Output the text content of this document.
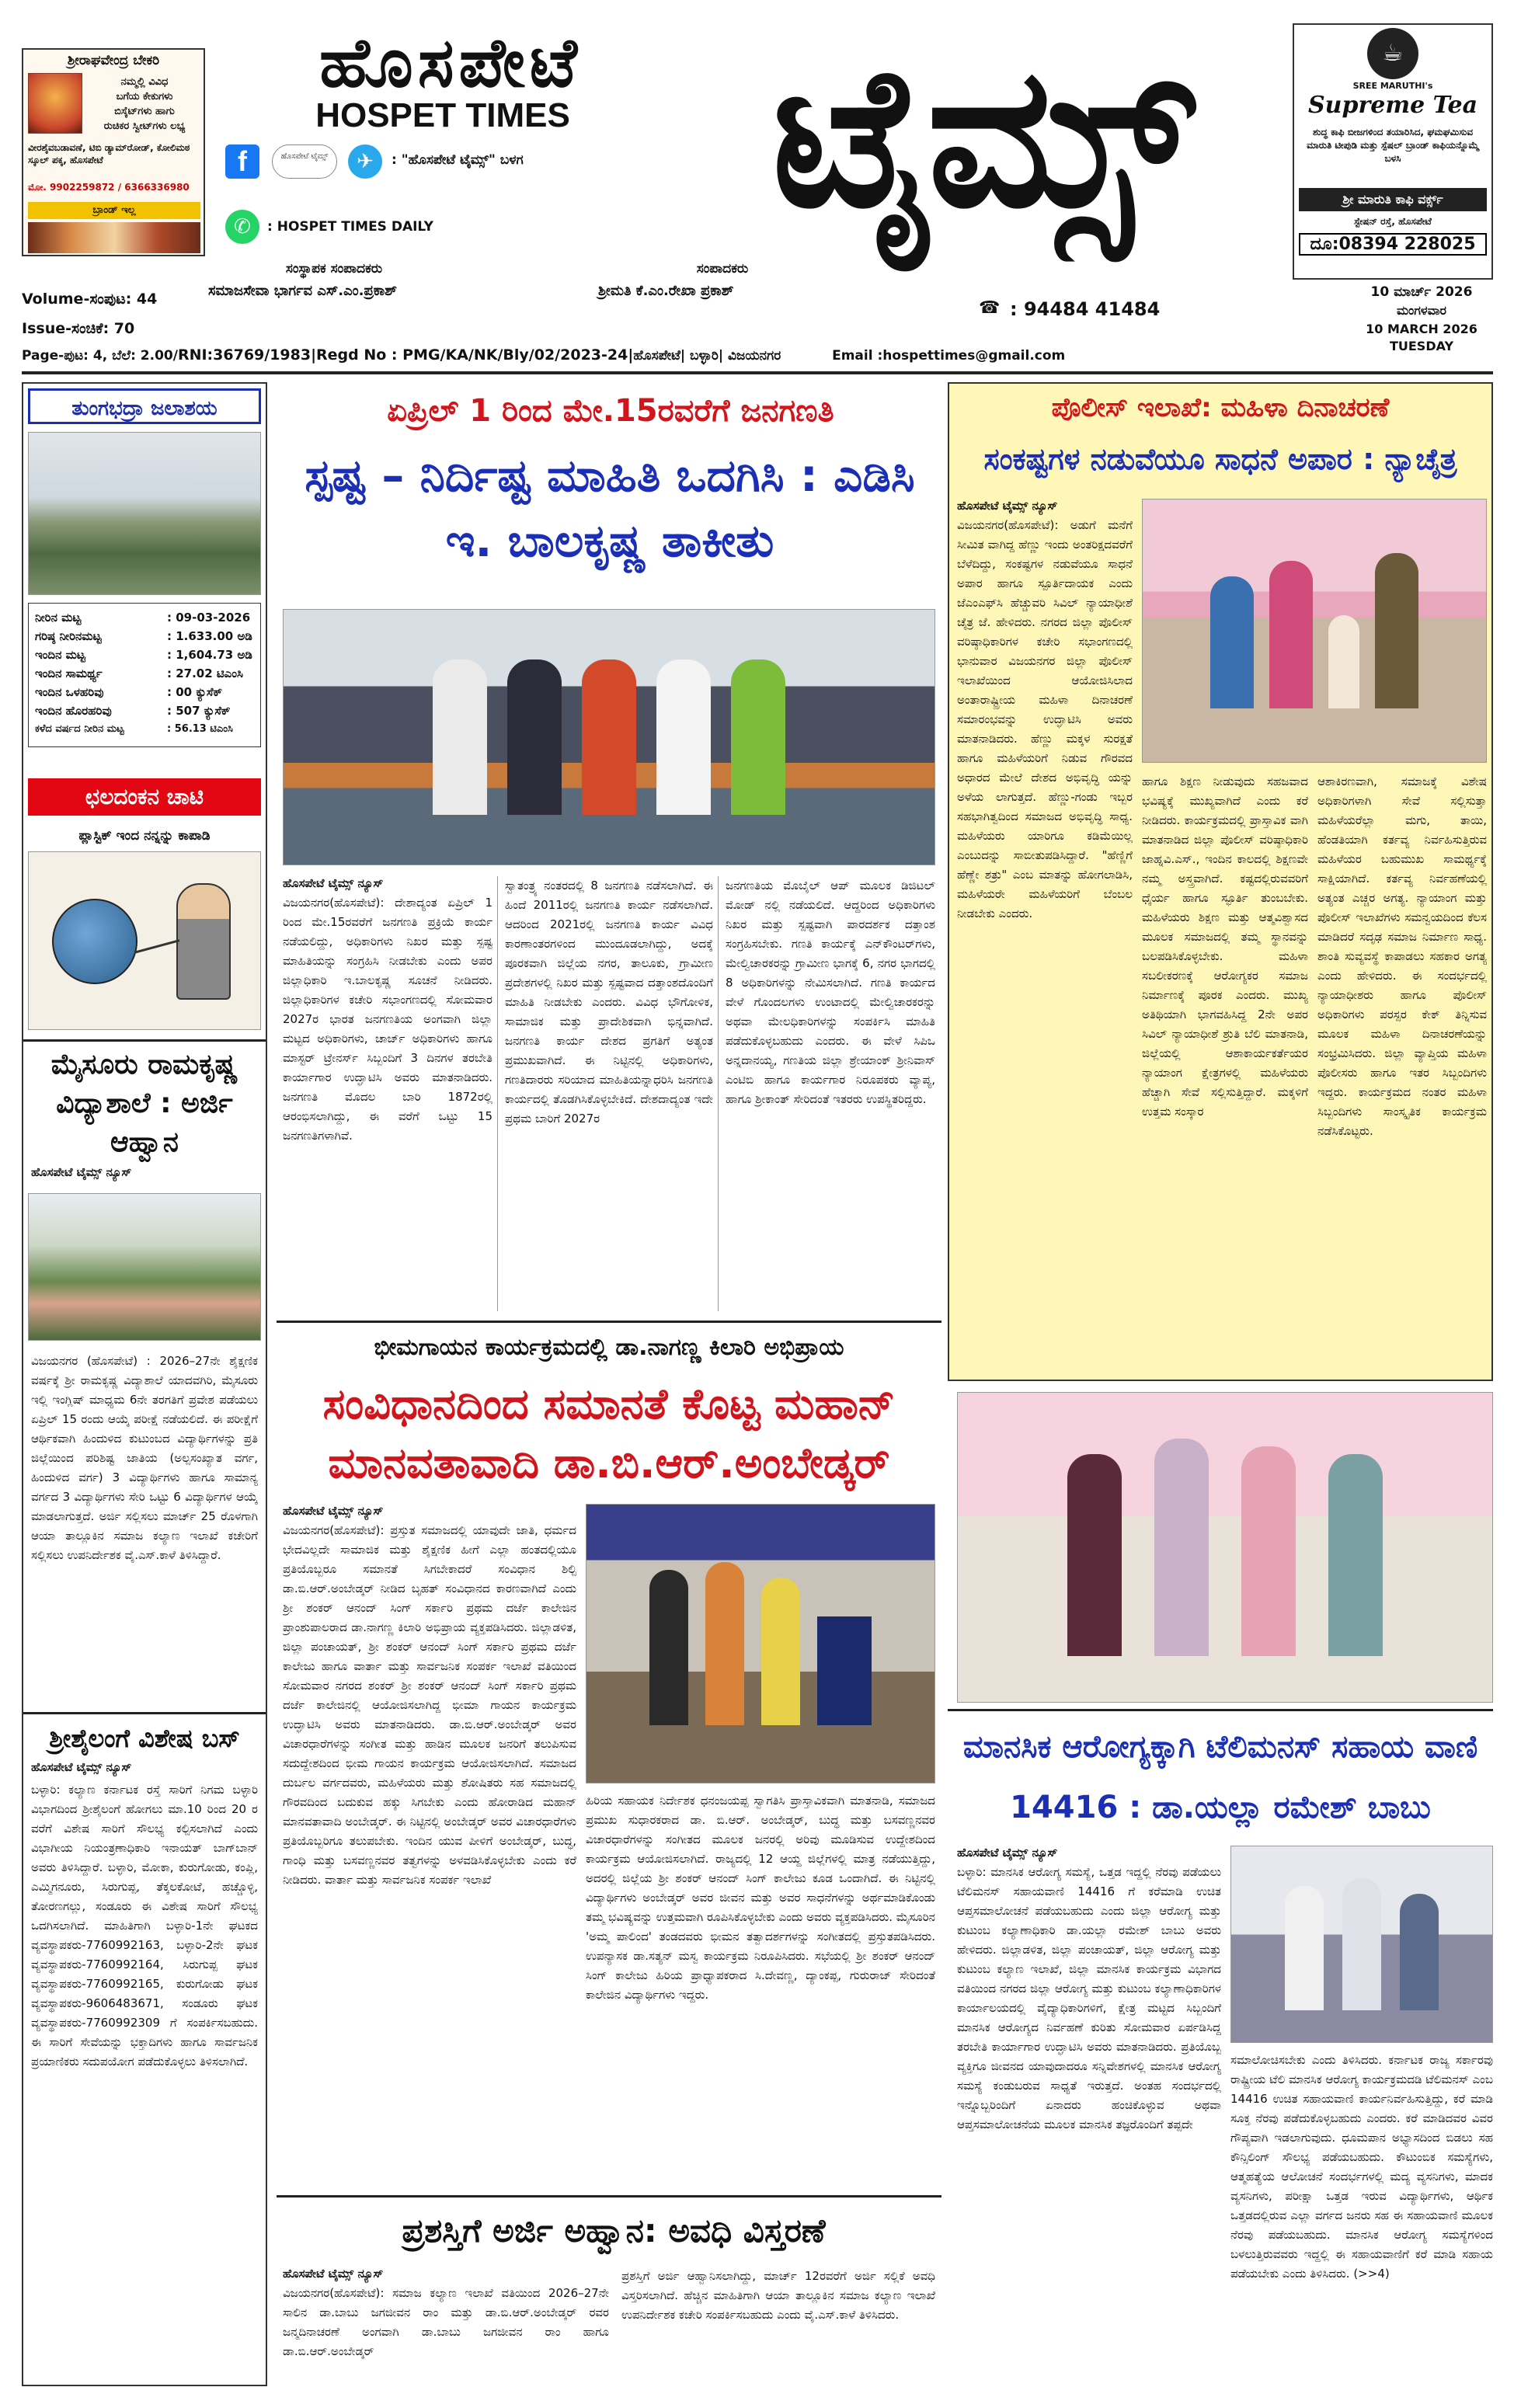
ಶ್ರೀರಾಘವೇಂದ್ರ ಬೇಕರಿ
ನಮ್ಮಲ್ಲಿ ವಿವಿಧ
ಬಗೆಯ ಕೇಕುಗಳು
ಬಿಸ್ಕೆಟ್‌ಗಳು ಹಾಗು
ರುಚಿಕರ ಸ್ವೀಟ್‌ಗಳು ಲಭ್ಯ
ವೀರಶೈವಬಡಾವಣೆ, ಟಿಬಿ ಡ್ಯಾಮ್‌ರೋಡ್, ಕೋಲಿಮಠ ಸ್ಕೂಲ್ ಪಕ್ಕ, ಹೊಸಪೇಟೆ
ಮೋ. 9902259872 / 6366336980
ಬ್ರಾಂಡ್ ಇಲ್ಲ
ಹೊಸಪೇಟೆ
HOSPET TIMES	ಟೈಮ್ಸ್
f	ಹೊಸಪೇಟೆ ಟೈಮ್ಸ್	✈	: "ಹೊಸಪೇಟೆ ಟೈಮ್ಸ್" ಬಳಗ
✆	: HOSPET TIMES DAILY
☕
SREE MARUTHI's
Supreme Tea
ಶುದ್ಧ ಕಾಫಿ ಬೀಜಗಳಿಂದ ತಯಾರಿಸಿದ, ಘಮಘಮಿಸುವ ಮಾರುತಿ ಟೀಪುಡಿ ಮತ್ತು ಸ್ಪೆಷಲ್ ಬ್ರಾಂಡ್ ಕಾಫಿಯನ್ನೊಮ್ಮೆ ಬಳಸಿ
ಶ್ರೀ ಮಾರುತಿ ಕಾಫಿ ವರ್ಕ್ಸ್
ಸ್ಟೇಷನ್ ರಸ್ತೆ, ಹೊಸಪೇಟೆ
ದೂ:08394 228025
ಸಂಸ್ಥಾಪಕ ಸಂಪಾದಕರು
ಸಮಾಜಸೇವಾ ಭಾರ್ಗವ ಎಸ್.ಎಂ.ಪ್ರಕಾಶ್
ಸಂಪಾದಕರು
ಶ್ರೀಮತಿ ಕೆ.ಎಂ.ರೇಖಾ ಪ್ರಕಾಶ್
☎ : 94484 41484
Volume-ಸಂಪುಟ: 44
Issue-ಸಂಚಿಕೆ: 70
10 ಮಾರ್ಚ್ 2026
ಮಂಗಳವಾರ
10 MARCH 2026
TUESDAY
Page-ಪುಟ: 4, ಬೆಲೆ: 2.00/RNI:36769/1983|Regd No : PMG/KA/NK/Bly/02/2023-24|ಹೊಸಪೇಟೆ| ಬಳ್ಳಾರಿ| ವಿಜಯನಗರ	Email :hospettimes@gmail.com
ತುಂಗಭದ್ರಾ ಜಲಾಶಯ
ನೀರಿನ ಮಟ್ಟ	: 09-03-2026
ಗರಿಷ್ಠ ನೀರಿನಮಟ್ಟ	: 1.633.00 ಅಡಿ
ಇಂದಿನ ಮಟ್ಟ	: 1,604.73 ಅಡಿ
ಇಂದಿನ ಸಾಮರ್ಥ್ಯ	: 27.02 ಟಿಎಂಸಿ
ಇಂದಿನ ಒಳಹರಿವು	: 00 ಕ್ಯುಸೆಕ್
ಇಂದಿನ ಹೊರಹರಿವು	: 507 ಕ್ಯುಸೆಕ್
ಕಳೆದ ವರ್ಷದ ನೀರಿನ ಮಟ್ಟ	: 56.13 ಟಿಎಂಸಿ
ಛಲದಂಕನ ಚಾಟಿ
ಪ್ಲಾಸ್ಟಿಕ್ ಇಂದ ನನ್ನನ್ನು ಕಾಪಾಡಿ
ಮೈಸೂರು ರಾಮಕೃಷ್ಣ ವಿದ್ಯಾಶಾಲೆ : ಅರ್ಜಿ ಆಹ್ವಾನ
ಹೊಸಪೇಟೆ ಟೈಮ್ಸ್ ನ್ಯೂಸ್
ವಿಜಯನಗರ (ಹೊಸಪೇಟೆ) : 2026–27ನೇ ಶೈಕ್ಷಣಿಕ ವರ್ಷಕ್ಕೆ ಶ್ರೀ ರಾಮಕೃಷ್ಣ ವಿದ್ಯಾಶಾಲೆ ಯಾದವಗಿರಿ, ಮೈಸೂರು ಇಲ್ಲಿ ಇಂಗ್ಲಿಷ್ ಮಾಧ್ಯಮ 6ನೇ ತರಗತಿಗೆ ಪ್ರವೇಶ ಪಡೆಯಲು ಏಪ್ರಿಲ್ 15 ರಂದು ಆಯ್ಕೆ ಪರೀಕ್ಷೆ ನಡೆಯಲಿದೆ. ಈ ಪರೀಕ್ಷೆಗೆ ಆರ್ಥಿಕವಾಗಿ ಹಿಂದುಳಿದ ಕುಟುಂಬದ ವಿದ್ಯಾರ್ಥಿಗಳನ್ನು ಪ್ರತಿ ಜಿಲ್ಲೆಯಿಂದ ಪರಿಶಿಷ್ಟ ಜಾತಿಯ (ಅಲ್ಪಸಂಖ್ಯಾತ ವರ್ಗ, ಹಿಂದುಳಿದ ವರ್ಗ) 3 ವಿದ್ಯಾರ್ಥಿಗಳು ಹಾಗೂ ಸಾಮಾನ್ಯ ವರ್ಗದ 3 ವಿದ್ಯಾರ್ಥಿಗಳು ಸೇರಿ ಒಟ್ಟು 6 ವಿದ್ಯಾರ್ಥಿಗಳ ಆಯ್ಕೆ ಮಾಡಲಾಗುತ್ತದೆ. ಅರ್ಜಿ ಸಲ್ಲಿಸಲು ಮಾರ್ಚ್ 25 ರೊಳಗಾಗಿ ಆಯಾ ತಾಲ್ಲೂಕಿನ ಸಮಾಜ ಕಲ್ಯಾಣ ಇಲಾಖೆ ಕಚೇರಿಗೆ ಸಲ್ಲಿಸಲು ಉಪನಿರ್ದೇಶಕ ವೈ.ಎಸ್.ಕಾಳೆ ತಿಳಿಸಿದ್ದಾರೆ.
ಶ್ರೀಶೈಲಂಗೆ ವಿಶೇಷ ಬಸ್
ಹೊಸಪೇಟೆ ಟೈಮ್ಸ್ ನ್ಯೂಸ್
ಬಳ್ಳಾರಿ: ಕಲ್ಯಾಣ ಕರ್ನಾಟಕ ರಸ್ತೆ ಸಾರಿಗೆ ನಿಗಮ ಬಳ್ಳಾರಿ ವಿಭಾಗದಿಂದ ಶ್ರೀಶೈಲಂಗೆ ಹೋಗಲು ಮಾ.10 ರಿಂದ 20 ರ ವರೆಗೆ ವಿಶೇಷ ಸಾರಿಗೆ ಸೌಲಭ್ಯ ಕಲ್ಪಿಸಲಾಗಿದೆ ಎಂದು ವಿಭಾಗೀಯ ನಿಯಂತ್ರಣಾಧಿಕಾರಿ ಇನಾಯತ್ ಬಾಗ್‌ಬಾನ್ ಅವರು ತಿಳಿಸಿದ್ದಾರೆ. ಬಳ್ಳಾರಿ, ಮೋಕಾ, ಕುರುಗೋಡು, ಕಂಪ್ಲಿ, ಎಮ್ಮಿಗನೂರು, ಸಿರುಗುಪ್ಪ, ತೆಕ್ಕಲಕೋಟೆ, ಹಚ್ಚೊಳ್ಳಿ, ತೋರಣಗಲ್ಲು, ಸಂಡೂರು ಈ ವಿಶೇಷ ಸಾರಿಗೆ ಸೌಲಭ್ಯ ಒದಗಿಸಲಾಗಿದೆ. ಮಾಹಿತಿಗಾಗಿ ಬಳ್ಳಾರಿ-1ನೇ ಘಟಕದ ವ್ಯವಸ್ಥಾಪಕರು-7760992163, ಬಳ್ಳಾರಿ-2ನೇ ಘಟಕ ವ್ಯವಸ್ಥಾಪಕರು-7760992164, ಸಿರುಗುಪ್ಪ ಘಟಕ ವ್ಯವಸ್ಥಾಪಕರು-7760992165, ಕುರುಗೋಡು ಘಟಕ ವ್ಯವಸ್ಥಾಪಕರು-9606483671, ಸಂಡೂರು ಘಟಕ ವ್ಯವಸ್ಥಾಪಕರು-7760992309 ಗೆ ಸಂಪರ್ಕಿಸಬಹುದು. ಈ ಸಾರಿಗೆ ಸೇವೆಯನ್ನು ಭಕ್ತಾದಿಗಳು ಹಾಗೂ ಸಾರ್ವಜನಿಕ ಪ್ರಯಾಣಿಕರು ಸದುಪಯೋಗ ಪಡೆದುಕೊಳ್ಳಲು ತಿಳಿಸಲಾಗಿದೆ.
ಏಪ್ರಿಲ್ 1 ರಿಂದ ಮೇ.15ರವರೆಗೆ ಜನಗಣತಿ
ಸ್ಪಷ್ಟ – ನಿರ್ದಿಷ್ಟ ಮಾಹಿತಿ ಒದಗಿಸಿ : ಎಡಿಸಿ ಇ. ಬಾಲಕೃಷ್ಣ ತಾಕೀತು
ಹೊಸಪೇಟೆ ಟೈಮ್ಸ್ ನ್ಯೂಸ್
ವಿಜಯನಗರ(ಹೊಸಪೇಟೆ): ದೇಶಾದ್ಯಂತ ಏಪ್ರಿಲ್ 1 ರಿಂದ ಮೇ.15ರವರೆಗೆ ಜನಗಣತಿ ಪ್ರಕ್ರಿಯೆ ಕಾರ್ಯ ನಡೆಯಲಿದ್ದು, ಅಧಿಕಾರಿಗಳು ನಿಖರ ಮತ್ತು ಸ್ಪಷ್ಟ ಮಾಹಿತಿಯನ್ನು ಸಂಗ್ರಹಿಸಿ ನೀಡಬೇಕು ಎಂದು ಅಪರ ಜಿಲ್ಲಾಧಿಕಾರಿ ಇ.ಬಾಲಕೃಷ್ಣ ಸೂಚನೆ ನೀಡಿದರು. ಜಿಲ್ಲಾಧಿಕಾರಿಗಳ ಕಚೇರಿ ಸಭಾಂಗಣದಲ್ಲಿ ಸೋಮವಾರ 2027ರ ಭಾರತ ಜನಗಣತಿಯ ಅಂಗವಾಗಿ ಜಿಲ್ಲಾ ಮಟ್ಟದ ಅಧಿಕಾರಿಗಳು, ಚಾರ್ಜ್ ಅಧಿಕಾರಿಗಳು ಹಾಗೂ ಮಾಸ್ಟರ್ ಟ್ರೇನರ್ಸ್ ಸಿಬ್ಬಂದಿಗೆ 3 ದಿನಗಳ ತರಬೇತಿ ಕಾರ್ಯಾಗಾರ ಉದ್ಘಾಟಿಸಿ ಅವರು ಮಾತನಾಡಿದರು. ಜನಗಣತಿ ಮೊದಲ ಬಾರಿ 1872ರಲ್ಲಿ ಆರಂಭಿಸಲಾಗಿದ್ದು, ಈ ವರೆಗೆ ಒಟ್ಟು 15 ಜನಗಣತಿಗಳಾಗಿವೆ.
ಸ್ವಾತಂತ್ರ್ಯ ನಂತರದಲ್ಲಿ 8 ಜನಗಣತಿ ನಡೆಸಲಾಗಿದೆ. ಈ ಹಿಂದೆ 2011ರಲ್ಲಿ ಜನಗಣತಿ ಕಾರ್ಯ ನಡೆಸಲಾಗಿದೆ. ಆದರಿಂದ 2021ರಲ್ಲಿ ಜನಗಣತಿ ಕಾರ್ಯ ವಿವಿಧ ಕಾರಣಾಂತರಗಳಿಂದ ಮುಂದೂಡಲಾಗಿದ್ದು, ಅದಕ್ಕೆ ಪೂರಕವಾಗಿ ಜಿಲ್ಲೆಯ ನಗರ, ತಾಲೂಕು, ಗ್ರಾಮೀಣ ಪ್ರದೇಶಗಳಲ್ಲಿ ನಿಖರ ಮತ್ತು ಸ್ಪಷ್ಟವಾದ ದತ್ತಾಂಶದೊಂದಿಗೆ ಮಾಹಿತಿ ನೀಡಬೇಕು ಎಂದರು. ವಿವಿಧ ಭೌಗೋಳಿಕ, ಸಾಮಾಜಿಕ ಮತ್ತು ಪ್ರಾದೇಶಿಕವಾಗಿ ಭಿನ್ನವಾಗಿದೆ. ಜನಗಣತಿ ಕಾರ್ಯ ದೇಶದ ಪ್ರಗತಿಗೆ ಅತ್ಯಂತ ಪ್ರಮುಖವಾಗಿದೆ. ಈ ನಿಟ್ಟಿನಲ್ಲಿ ಅಧಿಕಾರಿಗಳು, ಗಣತಿದಾರರು ಸರಿಯಾದ ಮಾಹಿತಿಯನ್ನಾಧರಿಸಿ ಜನಗಣತಿ ಕಾರ್ಯದಲ್ಲಿ ತೊಡಗಿಸಿಕೊಳ್ಳಬೇಕಿದೆ. ದೇಶದಾದ್ಯಂತ ಇದೇ ಪ್ರಥಮ ಬಾರಿಗೆ 2027ರ
ಜನಗಣತಿಯ ಮೊಬೈಲ್ ಆಪ್ ಮೂಲಕ ಡಿಜಿಟಲ್ ಮೋಡ್ ನಲ್ಲಿ ನಡೆಯಲಿದೆ. ಆದ್ದರಿಂದ ಅಧಿಕಾರಿಗಳು ನಿಖರ ಮತ್ತು ಸ್ಪಷ್ಟವಾಗಿ ಪಾರದರ್ಶಕ ದತ್ತಾಂಶ ಸಂಗ್ರಹಿಸಬೇಕು. ಗಣತಿ ಕಾರ್ಯಕ್ಕೆ ಎನ್‌ಕೌಂಟರ್‌ಗಳು, ಮೇಲ್ವಿಚಾರಕರನ್ನು ಗ್ರಾಮೀಣ ಭಾಗಕ್ಕೆ 6, ನಗರ ಭಾಗದಲ್ಲಿ 8 ಅಧಿಕಾರಿಗಳನ್ನು ನೇಮಿಸಲಾಗಿದೆ. ಗಣತಿ ಕಾರ್ಯದ ವೇಳೆ ಗೊಂದಲಗಳು ಉಂಟಾದಲ್ಲಿ ಮೇಲ್ವಿಚಾರಕರನ್ನು ಅಥವಾ ಮೇಲಧಿಕಾರಿಗಳನ್ನು ಸಂಪರ್ಕಿಸಿ ಮಾಹಿತಿ ಪಡೆದುಕೊಳ್ಳಬಹುದು ಎಂದರು. ಈ ವೇಳೆ ಸಿಪಿಒ ಅನ್ನದಾನಯ್ಯ, ಗಣತಿಯ ಜಿಲ್ಲಾ ಶ್ರೇಯಾಂಕ್ ಶ್ರೀನಿವಾಸ್ ಎಂಟಿಬಿ ಹಾಗೂ ಕಾರ್ಯಗಾರ ನಿರೂಪಕರು ವ್ಯಾಪ್ಯ, ಹಾಗೂ ಶ್ರೀಕಾಂತ್ ಸೇರಿದಂತೆ ಇತರರು ಉಪಸ್ಥಿತರಿದ್ದರು.
ಪೊಲೀಸ್ ಇಲಾಖೆ: ಮಹಿಳಾ ದಿನಾಚರಣೆ
ಸಂಕಷ್ಟಗಳ ನಡುವೆಯೂ ಸಾಧನೆ ಅಪಾರ : ನ್ಯಾಚೈತ್ರ
ಹೊಸಪೇಟೆ ಟೈಮ್ಸ್ ನ್ಯೂಸ್
ವಿಜಯನಗರ(ಹೊಸಪೇಟೆ): ಅಡುಗೆ ಮನೆಗೆ ಸೀಮಿತ ವಾಗಿದ್ದ ಹೆಣ್ಣು ಇಂದು ಅಂತರಿಕ್ಷದವರೆಗೆ ಬೆಳೆದಿದ್ದು, ಸಂಕಷ್ಟಗಳ ನಡುವೆಯೂ ಸಾಧನೆ ಅಪಾರ ಹಾಗೂ ಸ್ಪೂರ್ತಿದಾಯಕ ಎಂದು ಜೆಎಂಎಫ್‌ಸಿ ಹೆಚ್ಚುವರಿ ಸಿವಿಲ್ ನ್ಯಾಯಾಧೀಶೆ ಚೈತ್ರ ಜೆ. ಹೇಳಿದರು. ನಗರದ ಜಿಲ್ಲಾ ಪೊಲೀಸ್ ವರಿಷ್ಠಾಧಿಕಾರಿಗಳ ಕಚೇರಿ ಸಭಾಂಗಣದಲ್ಲಿ ಭಾನುವಾರ ವಿಜಯನಗರ ಜಿಲ್ಲಾ ಪೊಲೀಸ್ ಇಲಾಖೆಯಿಂದ ಆಯೋಜಿಸಿಲಾದ ಅಂತಾರಾಷ್ಟ್ರೀಯ ಮಹಿಳಾ ದಿನಾಚರಣೆ ಸಮಾರಂಭವನ್ನು ಉದ್ಘಾಟಿಸಿ ಅವರು ಮಾತನಾಡಿದರು. ಹೆಣ್ಣು ಮಕ್ಕಳ ಸುರಕ್ಷತೆ ಹಾಗೂ ಮಹಿಳೆಯರಿಗೆ ನಿಡುವ ಗೌರವದ ಅಧಾರದ ಮೇಲೆ ದೇಶದ ಅಭಿವೃದ್ಧಿ ಯನ್ನು ಅಳೆಯ ಲಾಗುತ್ತದೆ. ಹೆಣ್ಣು-ಗಂಡು ಇಬ್ಬರ ಸಹಭಾಗಿತ್ವದಿಂದ ಸಮಾಜದ ಅಭಿವೃದ್ಧಿ ಸಾಧ್ಯ. ಮಹಿಳೆಯರು ಯಾರಿಗೂ ಕಡಿಮೆಯಿಲ್ಲ ಎಂಬುದನ್ನು ಸಾಬೀತುಪಡಿಸಿದ್ದಾರೆ. "ಹೆಣ್ಣಿಗೆ ಹೆಣ್ಣೇ ಶತ್ರು" ಎಂಬ ಮಾತನ್ನು ಹೋಗಲಾಡಿಸಿ, ಮಹಿಳೆಯರೇ ಮಹಿಳೆಯರಿಗೆ ಬೆಂಬಲ ನೀಡಬೇಕು ಎಂದರು.
ಹಾಗೂ ಶಿಕ್ಷಣ ನೀಡುವುದು ಸಹಜವಾದ ಭವಿಷ್ಯಕ್ಕೆ ಮುಖ್ಯವಾಗಿದೆ ಎಂದು ಕರೆ ನೀಡಿದರು. ಕಾರ್ಯಕ್ರಮದಲ್ಲಿ ಪ್ರಾಸ್ತಾವಿಕ ವಾಗಿ ಮಾತನಾಡಿದ ಜಿಲ್ಲಾ ಪೊಲೀಸ್ ವರಿಷ್ಠಾಧಿಕಾರಿ ಜಾಹ್ನವಿ.ಎಸ್., ಇಂದಿನ ಕಾಲದಲ್ಲಿ ಶಿಕ್ಷಣವೇ ನಮ್ಮ ಅಸ್ತ್ರವಾಗಿದೆ. ಕಷ್ಟದಲ್ಲಿರುವವರಿಗೆ ಧೈರ್ಯ ಹಾಗೂ ಸ್ಫೂರ್ತಿ ತುಂಬಬೇಕು. ಮಹಿಳೆಯರು ಶಿಕ್ಷಣ ಮತ್ತು ಆತ್ಮವಿಶ್ವಾಸದ ಮೂಲಕ ಸಮಾಜದಲ್ಲಿ ತಮ್ಮ ಸ್ಥಾನವನ್ನು ಬಲಪಡಿಸಿಕೊಳ್ಳಬೇಕು. ಮಹಿಳಾ ಸಬಲೀಕರಣಕ್ಕೆ ಆರೋಗ್ಯಕರ ಸಮಾಜ ನಿರ್ಮಾಣಕ್ಕೆ ಪೂರಕ ಎಂದರು. ಮುಖ್ಯ ಅತಿಥಿಯಾಗಿ ಭಾಗವಹಿಸಿದ್ದ 2ನೇ ಅಪರ ಸಿವಿಲ್ ನ್ಯಾಯಾಧೀಶೆ ಶ್ರುತಿ ಬೆಲಿ ಮಾತನಾಡಿ, ಜಿಲ್ಲೆಯಲ್ಲಿ ಆಶಾಕಾರ್ಯಕರ್ತೆಯರ ನ್ಯಾಯಾಂಗ ಕ್ಷೇತ್ರಗಳಲ್ಲಿ ಮಹಿಳೆಯರು ಹೆಚ್ಚಾಗಿ ಸೇವೆ ಸಲ್ಲಿಸುತ್ತಿದ್ದಾರೆ. ಮಕ್ಕಳಿಗೆ ಉತ್ತಮ ಸಂಸ್ಕಾರ
ಆಶಾಕಿರಣವಾಗಿ, ಸಮಾಜಕ್ಕೆ ವಿಶೇಷ ಅಧಿಕಾರಿಗಳಾಗಿ ಸೇವೆ ಸಲ್ಲಿಸುತ್ತಾ ಮಹಿಳೆಯರೆಲ್ಲಾ ಮಗು, ತಾಯಿ, ಹೆಂಡತಿಯಾಗಿ ಕರ್ತವ್ಯ ನಿರ್ವಹಿಸುತ್ತಿರುವ ಮಹಿಳೆಯರ ಬಹುಮುಖ ಸಾಮರ್ಥ್ಯಕ್ಕೆ ಸಾಕ್ಷಿಯಾಗಿದೆ. ಕರ್ತವ್ಯ ನಿರ್ವಹಣೆಯಲ್ಲಿ ಅತ್ಯಂತ ಎಚ್ಚರ ಅಗತ್ಯ. ನ್ಯಾಯಾಂಗ ಮತ್ತು ಪೊಲೀಸ್ ಇಲಾಖೆಗಳು ಸಮನ್ವಯದಿಂದ ಕೆಲಸ ಮಾಡಿದರೆ ಸದೃಢ ಸಮಾಜ ನಿರ್ಮಾಣ ಸಾಧ್ಯ. ಶಾಂತಿ ಸುವ್ಯವಸ್ಥೆ ಕಾಪಾಡಲು ಸಹಕಾರ ಅಗತ್ಯ ಎಂದು ಹೇಳಿದರು. ಈ ಸಂದರ್ಭದಲ್ಲಿ ನ್ಯಾಯಾಧೀಶರು ಹಾಗೂ ಪೊಲೀಸ್ ಅಧಿಕಾರಿಗಳು ಪರಸ್ಪರ ಕೇಕ್ ತಿನ್ನಿಸುವ ಮೂಲಕ ಮಹಿಳಾ ದಿನಾಚರಣೆಯನ್ನು ಸಂಭ್ರಮಿಸಿದರು. ಜಿಲ್ಲಾ ವ್ಯಾಪ್ತಿಯ ಮಹಿಳಾ ಪೊಲೀಸರು ಹಾಗೂ ಇತರ ಸಿಬ್ಬಂದಿಗಳು ಇದ್ದರು. ಕಾರ್ಯಕ್ರಮದ ನಂತರ ಮಹಿಳಾ ಸಿಬ್ಬಂದಿಗಳು ಸಾಂಸ್ಕೃತಿಕ ಕಾರ್ಯಕ್ರಮ ನಡೆಸಿಕೊಟ್ಟರು.
ಭೀಮಗಾಯನ ಕಾರ್ಯಕ್ರಮದಲ್ಲಿ ಡಾ.ನಾಗಣ್ಣ ಕಿಲಾರಿ ಅಭಿಪ್ರಾಯ
ಸಂವಿಧಾನದಿಂದ ಸಮಾನತೆ ಕೊಟ್ಟ ಮಹಾನ್ ಮಾನವತಾವಾದಿ ಡಾ.ಬಿ.ಆರ್.ಅಂಬೇಡ್ಕರ್
ಹೊಸಪೇಟೆ ಟೈಮ್ಸ್ ನ್ಯೂಸ್
ವಿಜಯನಗರ(ಹೊಸಪೇಟೆ): ಪ್ರಸ್ತುತ ಸಮಾಜದಲ್ಲಿ ಯಾವುದೇ ಜಾತಿ, ಧರ್ಮದ ಭೇದವಿಲ್ಲದೇ ಸಾಮಾಜಿಕ ಮತ್ತು ಶೈಕ್ಷಣಿಕ ಹೀಗೆ ಎಲ್ಲಾ ಹಂತದಲ್ಲಿಯೂ ಪ್ರತಿಯೊಬ್ಬರೂ ಸಮಾನತೆ ಸಿಗಬೇಕಾದರೆ ಸಂವಿಧಾನ ಶಿಲ್ಪಿ ಡಾ.ಬಿ.ಆರ್.ಅಂಬೇಡ್ಕರ್ ನೀಡಿದ ಬೃಹತ್ ಸಂವಿಧಾನದ ಕಾರಣವಾಗಿದೆ ಎಂದು ಶ್ರೀ ಶಂಕರ್ ಆನಂದ್ ಸಿಂಗ್ ಸರ್ಕಾರಿ ಪ್ರಥಮ ದರ್ಜೆ ಕಾಲೇಜಿನ ಪ್ರಾಂಶುಪಾಲರಾದ ಡಾ.ನಾಗಣ್ಣ ಕಿಲಾರಿ ಅಭಿಪ್ರಾಯ ವ್ಯಕ್ತಪಡಿಸಿದರು. ಜಿಲ್ಲಾಡಳಿತ, ಜಿಲ್ಲಾ ಪಂಚಾಯತ್, ಶ್ರೀ ಶಂಕರ್ ಆನಂದ್ ಸಿಂಗ್ ಸರ್ಕಾರಿ ಪ್ರಥಮ ದರ್ಜೆ ಕಾಲೇಜು ಹಾಗೂ ವಾರ್ತಾ ಮತ್ತು ಸಾರ್ವಜನಿಕ ಸಂಪರ್ಕ ಇಲಾಖೆ ವತಿಯಿಂದ ಸೋಮವಾರ ನಗರದ ಶಂಕರ್ ಶ್ರೀ ಶಂಕರ್ ಆನಂದ್ ಸಿಂಗ್ ಸರ್ಕಾರಿ ಪ್ರಥಮ ದರ್ಜೆ ಕಾಲೇಜಿನಲ್ಲಿ ಆಯೋಜಿಸಲಾಗಿದ್ದ ಭೀಮಾ ಗಾಯನ ಕಾರ್ಯಕ್ರಮ ಉದ್ಘಾಟಿಸಿ ಅವರು ಮಾತನಾಡಿದರು. ಡಾ.ಬಿ.ಆರ್.ಅಂಬೇಡ್ಕರ್ ಅವರ ವಿಚಾರಧಾರೆಗಳನ್ನು ಸಂಗೀತ ಮತ್ತು ಹಾಡಿನ ಮೂಲಕ ಜನರಿಗೆ ತಲುಪಿಸುವ ಸದುದ್ದೇಶದಿಂದ ಭೀಮ ಗಾಯನ ಕಾರ್ಯಕ್ರಮ ಆಯೋಜಿಸಲಾಗಿದೆ. ಸಮಾಜದ ದುರ್ಬಲ ವರ್ಗದವರು, ಮಹಿಳೆಯರು ಮತ್ತು ಶೋಷಿತರು ಸಹ ಸಮಾಜದಲ್ಲಿ ಗೌರವದಿಂದ ಬದುಕುವ ಹಕ್ಕು ಸಿಗಬೇಕು ಎಂದು ಹೋರಾಡಿದ ಮಹಾನ್ ಮಾನವತಾವಾದಿ ಅಂಬೇಡ್ಕರ್. ಈ ನಿಟ್ಟಿನಲ್ಲಿ ಅಂಬೇಡ್ಕರ್ ಅವರ ವಿಚಾರಧಾರೆಗಳು ಪ್ರತಿಯೊಬ್ಬರಿಗೂ ತಲುಪಬೇಕು. ಇಂದಿನ ಯುವ ಪೀಳಿಗೆ ಅಂಬೇಡ್ಕರ್, ಬುದ್ಧ, ಗಾಂಧಿ ಮತ್ತು ಬಸವಣ್ಣನವರ ತತ್ವಗಳನ್ನು ಅಳವಡಿಸಿಕೊಳ್ಳಬೇಕು ಎಂದು ಕರೆ ನೀಡಿದರು. ವಾರ್ತಾ ಮತ್ತು ಸಾರ್ವಜನಿಕ ಸಂಪರ್ಕ ಇಲಾಖೆ
ಹಿರಿಯ ಸಹಾಯಕ ನಿರ್ದೇಶಕ ಧನಂಜಯಪ್ಪ ಸ್ವಾಗತಿಸಿ ಪ್ರಾಸ್ತಾವಿಕವಾಗಿ ಮಾತನಾಡಿ, ಸಮಾಜದ ಪ್ರಮುಖ ಸುಧಾರಕರಾದ ಡಾ. ಬಿ.ಆರ್. ಅಂಬೇಡ್ಕರ್, ಬುದ್ಧ ಮತ್ತು ಬಸವಣ್ಣನವರ ವಿಚಾರಧಾರೆಗಳನ್ನು ಸಂಗೀತದ ಮೂಲಕ ಜನರಲ್ಲಿ ಅರಿವು ಮೂಡಿಸುವ ಉದ್ದೇಶದಿಂದ ಕಾರ್ಯಕ್ರಮ ಆಯೋಜಿಸಲಾಗಿದೆ. ರಾಜ್ಯದಲ್ಲಿ 12 ಆಯ್ದ ಜಿಲ್ಲೆಗಳಲ್ಲಿ ಮಾತ್ರ ನಡೆಯುತ್ತಿದ್ದು, ಅದರಲ್ಲಿ ಜಿಲ್ಲೆಯ ಶ್ರೀ ಶಂಕರ್ ಆನಂದ್ ಸಿಂಗ್ ಕಾಲೇಜು ಕೂಡ ಒಂದಾಗಿದೆ. ಈ ನಿಟ್ಟಿನಲ್ಲಿ ವಿದ್ಯಾರ್ಥಿಗಳು ಅಂಬೇಡ್ಕರ್ ಅವರ ಜೀವನ ಮತ್ತು ಅವರ ಸಾಧನೆಗಳನ್ನು ಅರ್ಥಮಾಡಿಕೊಂಡು ತಮ್ಮ ಭವಿಷ್ಯವನ್ನು ಉತ್ತಮವಾಗಿ ರೂಪಿಸಿಕೊಳ್ಳಬೇಕು ಎಂದು ಅವರು ವ್ಯಕ್ತಪಡಿಸಿದರು. ಮೈಸೂರಿನ 'ಅಮ್ಮ ಪಾಲಿಂದ' ತಂಡದವರು ಭೀಮನ ತತ್ವಾದರ್ಶಗಳನ್ನು ಸಂಗೀತದಲ್ಲಿ ಪ್ರಸ್ತುತಪಡಿಸಿದರು. ಉಪನ್ಯಾಸಕ ಡಾ.ಸತ್ಯನ್ ಮಸ್ವ ಕಾರ್ಯಕ್ರಮ ನಿರೂಪಿಸಿದರು. ಸಭೆಯಲ್ಲಿ ಶ್ರೀ ಶಂಕರ್ ಆನಂದ್ ಸಿಂಗ್ ಕಾಲೇಜು ಹಿರಿಯ ಪ್ರಾಧ್ಯಾಪಕರಾದ ಸಿ.ದೇವಣ್ಣ, ದ್ಯಾಂಕಪ್ಪ, ಗುರುರಾಜ್ ಸೇರಿದಂತೆ ಕಾಲೇಜಿನ ವಿದ್ಯಾರ್ಥಿಗಳು ಇದ್ದರು.
ಪ್ರಶಸ್ತಿಗೆ ಅರ್ಜಿ ಅಹ್ವಾನ: ಅವಧಿ ವಿಸ್ತರಣೆ
ಹೊಸಪೇಟೆ ಟೈಮ್ಸ್ ನ್ಯೂಸ್
ವಿಜಯನಗರ(ಹೊಸಪೇಟೆ): ಸಮಾಜ ಕಲ್ಯಾಣ ಇಲಾಖೆ ವತಿಯಿಂದ 2026–27ನೇ ಸಾಲಿನ ಡಾ.ಬಾಬು ಜಗಜೀವನ ರಾಂ ಮತ್ತು ಡಾ.ಬಿ.ಆರ್.ಅಂಬೇಡ್ಕರ್ ರವರ ಜನ್ಮದಿನಾಚರಣೆ ಅಂಗವಾಗಿ ಡಾ.ಬಾಬು ಜಗಜೀವನ ರಾಂ ಹಾಗೂ ಡಾ.ಬಿ.ಆರ್.ಅಂಬೇಡ್ಕರ್
ಪ್ರಶಸ್ತಿಗೆ ಅರ್ಜಿ ಆಹ್ವಾನಿಸಲಾಗಿದ್ದು, ಮಾರ್ಚ್ 12ರವರೆಗೆ ಅರ್ಜಿ ಸಲ್ಲಿಕೆ ಅವಧಿ ವಿಸ್ತರಿಸಲಾಗಿದೆ. ಹೆಚ್ಚಿನ ಮಾಹಿತಿಗಾಗಿ ಆಯಾ ತಾಲ್ಲೂಕಿನ ಸಮಾಜ ಕಲ್ಯಾಣ ಇಲಾಖೆ ಉಪನಿರ್ದೇಶಕ ಕಚೇರಿ ಸಂಪರ್ಕಿಸಬಹುದು ಎಂದು ವೈ.ಎಸ್.ಕಾಳೆ ತಿಳಿಸಿದರು.
ಮಾನಸಿಕ ಆರೋಗ್ಯಕ್ಕಾಗಿ ಟೆಲಿಮನಸ್ ಸಹಾಯ ವಾಣಿ 14416 : ಡಾ.ಯಲ್ಲಾ ರಮೇಶ್ ಬಾಬು
ಹೊಸಪೇಟೆ ಟೈಮ್ಸ್ ನ್ಯೂಸ್
ಬಳ್ಳಾರಿ: ಮಾನಸಿಕ ಆರೋಗ್ಯ ಸಮಸ್ಯೆ, ಒತ್ತಡ ಇದ್ದಲ್ಲಿ ನೆರವು ಪಡೆಯಲು ಟೆಲಿಮನಸ್ ಸಹಾಯವಾಣಿ 14416 ಗೆ ಕರೆಮಾಡಿ ಉಚಿತ ಆಪ್ತಸಮಾಲೋಚನೆ ಪಡೆಯಬಹುದು ಎಂದು ಜಿಲ್ಲಾ ಆರೋಗ್ಯ ಮತ್ತು ಕುಟುಂಬ ಕಲ್ಯಾಣಾಧಿಕಾರಿ ಡಾ.ಯಲ್ಲಾ ರಮೇಶ್ ಬಾಬು ಅವರು ಹೇಳಿದರು. ಜಿಲ್ಲಾಡಳಿತ, ಜಿಲ್ಲಾ ಪಂಚಾಯತ್, ಜಿಲ್ಲಾ ಆರೋಗ್ಯ ಮತ್ತು ಕುಟುಂಬ ಕಲ್ಯಾಣ ಇಲಾಖೆ, ಜಿಲ್ಲಾ ಮಾನಸಿಕ ಕಾರ್ಯಕ್ರಮ ವಿಭಾಗದ ವತಿಯಿಂದ ನಗರದ ಜಿಲ್ಲಾ ಆರೋಗ್ಯ ಮತ್ತು ಕುಟುಂಬ ಕಲ್ಯಾಣಾಧಿಕಾರಿಗಳ ಕಾರ್ಯಾಲಯದಲ್ಲಿ ವೈದ್ಯಾಧಿಕಾರಿಗಳಿಗೆ, ಕ್ಷೇತ್ರ ಮಟ್ಟದ ಸಿಬ್ಬಂದಿಗೆ ಮಾನಸಿಕ ಆರೋಗ್ಯದ ನಿರ್ವಹಣೆ ಕುರಿತು ಸೋಮವಾರ ಏರ್ಪಡಿಸಿದ್ದ ತರಬೇತಿ ಕಾರ್ಯಾಗಾರ ಉದ್ಘಾಟಿಸಿ ಅವರು ಮಾತನಾಡಿದರು. ಪ್ರತಿಯೊಬ್ಬ ವ್ಯಕ್ತಿಗೂ ಜೀವನದ ಯಾವುದಾದರೂ ಸನ್ನಿವೇಶಗಳಲ್ಲಿ ಮಾನಸಿಕ ಆರೋಗ್ಯ ಸಮಸ್ಯೆ ಕಂಡುಬರುವ ಸಾಧ್ಯತೆ ಇರುತ್ತದೆ. ಅಂತಹ ಸಂದರ್ಭದಲ್ಲಿ ಇನ್ನೊಬ್ಬರಿಂದಿಗೆ ಏನಾದರು ಹಂಚಿಕೊಳ್ಳುವ ಅಥವಾ ಆಪ್ತಸಮಾಲೋಚನೆಯ ಮೂಲಕ ಮಾನಸಿಕ ತಜ್ಞರೊಂದಿಗೆ ತಪ್ಪದೇ
ಸಮಾಲೋಚಿಸಬೇಕು ಎಂದು ತಿಳಿಸಿದರು. ಕರ್ನಾಟಕ ರಾಜ್ಯ ಸರ್ಕಾರವು ರಾಷ್ಟ್ರೀಯ ಟೆಲಿ ಮಾನಸಿಕ ಆರೋಗ್ಯ ಕಾರ್ಯಕ್ರಮದಡಿ ಟೆಲಿಮನಸ್ ಎಂಬ 14416 ಉಚಿತ ಸಹಾಯವಾಣಿ ಕಾರ್ಯನಿರ್ವಹಿಸುತ್ತಿದ್ದು, ಕರೆ ಮಾಡಿ ಸೂಕ್ತ ನೆರವು ಪಡೆದುಕೊಳ್ಳಬಹುದು ಎಂದರು. ಕರೆ ಮಾಡಿದವರ ವಿವರ ಗೌಪ್ಯವಾಗಿ ಇಡಲಾಗುವುದು. ಧೂಮಪಾನ ಅಭ್ಯಾಸದಿಂದ ಬಿಡಲು ಸಹ ಕೌನ್ಸಿಲಿಂಗ್ ಸೌಲಭ್ಯ ಪಡೆಯಬಹುದು. ಕೌಟುಂಬಿಕ ಸಮಸ್ಯೆಗಳು, ಆತ್ಮಹತ್ಯೆಯ ಆಲೋಚನೆ ಸಂದರ್ಭಗಳಲ್ಲಿ ಮದ್ಯ ವ್ಯಸನಿಗಳು, ಮಾದಕ ವ್ಯಸನಿಗಳು, ಪರೀಕ್ಷಾ ಒತ್ತಡ ಇರುವ ವಿದ್ಯಾರ್ಥಿಗಳು, ಆರ್ಥಿಕ ಒತ್ತಡದಲ್ಲಿರುವ ಎಲ್ಲಾ ವರ್ಗದ ಜನರು ಸಹ ಈ ಸಹಾಯವಾಣಿ ಮೂಲಕ ನೆರವು ಪಡೆಯಬಹುದು. ಮಾನಸಿಕ ಆರೋಗ್ಯ ಸಮಸ್ಯೆಗಳಿಂದ ಬಳಲುತ್ತಿರುವವರು ಇದ್ದಲ್ಲಿ ಈ ಸಹಾಯವಾಣಿಗೆ ಕರೆ ಮಾಡಿ ಸಹಾಯ ಪಡೆಯಬೇಕು ಎಂದು ತಿಳಿಸಿದರು. (>>4)
